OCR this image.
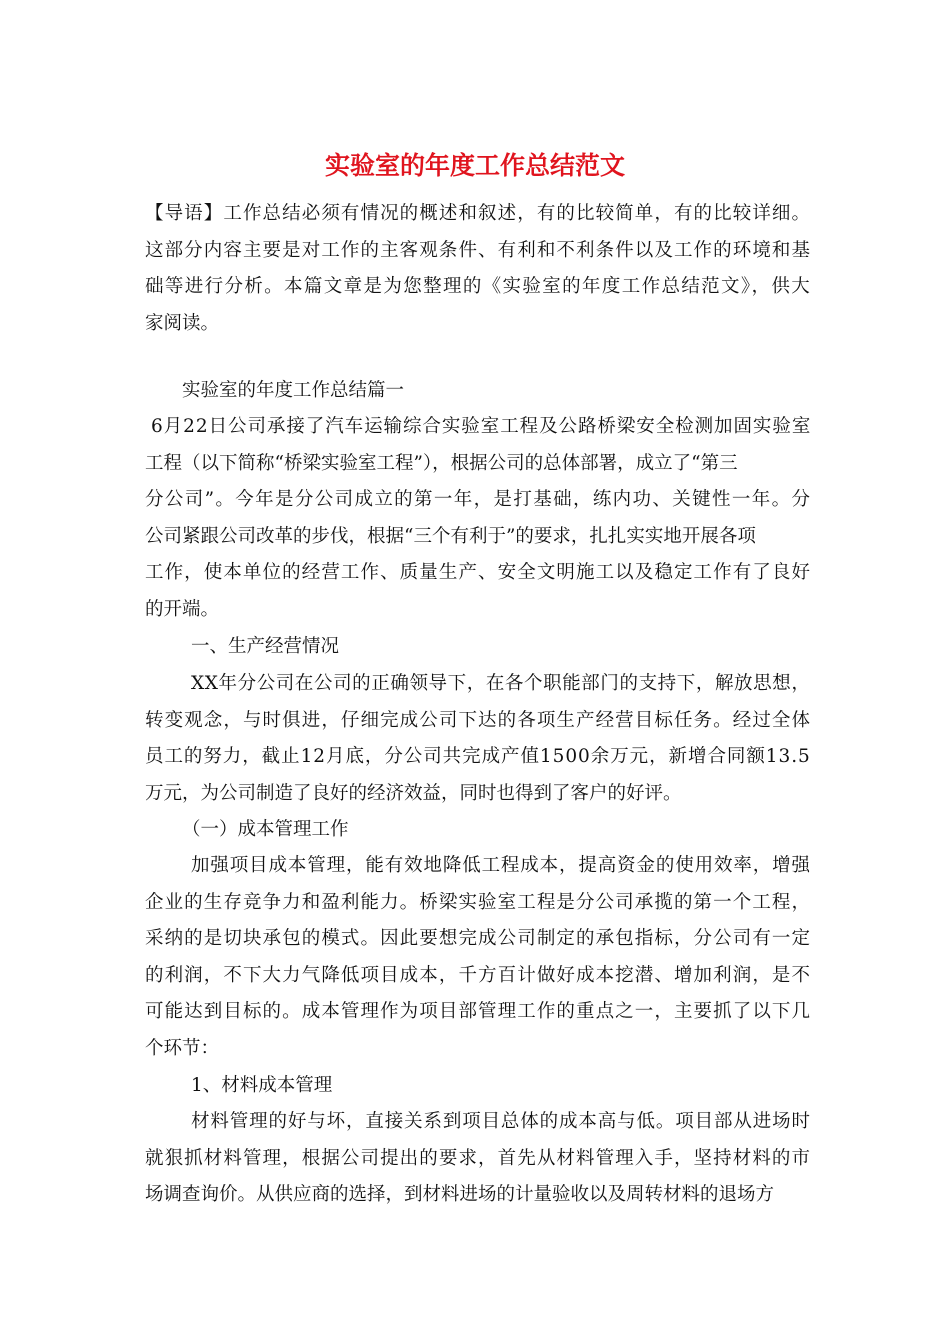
实验室的年度工作总结范文
【导语】工作总结必须有情况的概述和叙述，有的比较简单，有的比较详细。
这部分内容主要是对工作的主客观条件、有利和不利条件以及工作的环境和基
础等进行分析。本篇文章是为您整理的《实验室的年度工作总结范文》，供大
家阅读。
实验室的年度工作总结篇一
6月22日公司承接了汽车运输综合实验室工程及公路桥梁安全检测加固实验室
工程（以下简称“桥梁实验室工程”），根据公司的总体部署，成立了“第三
分公司”。今年是分公司成立的第一年，是打基础，练内功、关键性一年。分
公司紧跟公司改革的步伐，根据“三个有利于”的要求，扎扎实实地开展各项
工作，使本单位的经营工作、质量生产、安全文明施工以及稳定工作有了良好
的开端。
一、生产经营情况
XX年分公司在公司的正确领导下，在各个职能部门的支持下，解放思想，
转变观念，与时俱进，仔细完成公司下达的各项生产经营目标任务。经过全体
员工的努力，截止12月底，分公司共完成产值1500余万元，新增合同额13.5
万元，为公司制造了良好的经济效益，同时也得到了客户的好评。
（一）成本管理工作
加强项目成本管理，能有效地降低工程成本，提高资金的使用效率，增强
企业的生存竞争力和盈利能力。桥梁实验室工程是分公司承揽的第一个工程，
采纳的是切块承包的模式。因此要想完成公司制定的承包指标，分公司有一定
的利润，不下大力气降低项目成本，千方百计做好成本挖潜、增加利润，是不
可能达到目标的。成本管理作为项目部管理工作的重点之一，主要抓了以下几
个环节：
1、材料成本管理
材料管理的好与坏，直接关系到项目总体的成本高与低。项目部从进场时
就狠抓材料管理，根据公司提出的要求，首先从材料管理入手，坚持材料的市
场调查询价。从供应商的选择，到材料进场的计量验收以及周转材料的退场方
